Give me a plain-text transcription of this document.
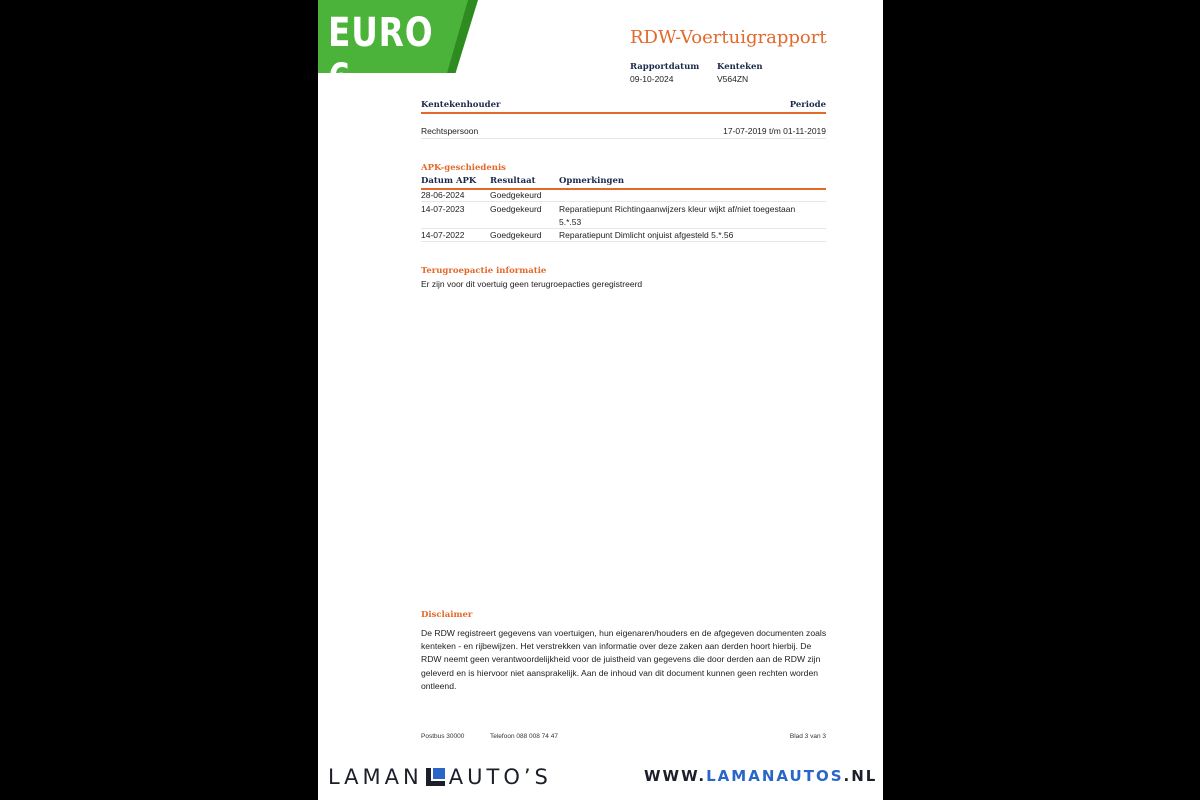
EURO 6
RDW-Voertuigrapport
Rapportdatum
09-10-2024
Kenteken
V564ZN
Kentekenhouder	Periode
Rechtspersoon	17-07-2019 t/m 01-11-2019
APK-geschiedenis
Datum APK Resultaat	Opmerkingen
28-06-2024	Goedgekeurd
14-07-2023	Goedgekeurd Reparatiepunt Richtingaanwijzers kleur wijkt af/niet toegestaan
5.*.53
14-07-2022	Goedgekeurd Reparatiepunt Dimlicht onjuist afgesteld 5.*.56
Terugroepactie informatie
Er zijn voor dit voertuig geen terugroepacties geregistreerd
Disclaimer
De RDW registreert gegevens van voertuigen, hun eigenaren/houders en de afgegeven documenten zoals kenteken - en rijbewijzen. Het verstrekken van informatie over deze zaken aan derden hoort hierbij. De RDW neemt geen verantwoordelijkheid voor de juistheid van gegevens die door derden aan de RDW zijn geleverd en is hiervoor niet aansprakelijk. Aan de inhoud van dit document kunnen geen rechten worden ontleend.
Postbus 30000	Telefoon 088 008 74 47	Blad 3 van 3
LAMAN AUTO’S	WWW.LAMANAUTOS.NL
